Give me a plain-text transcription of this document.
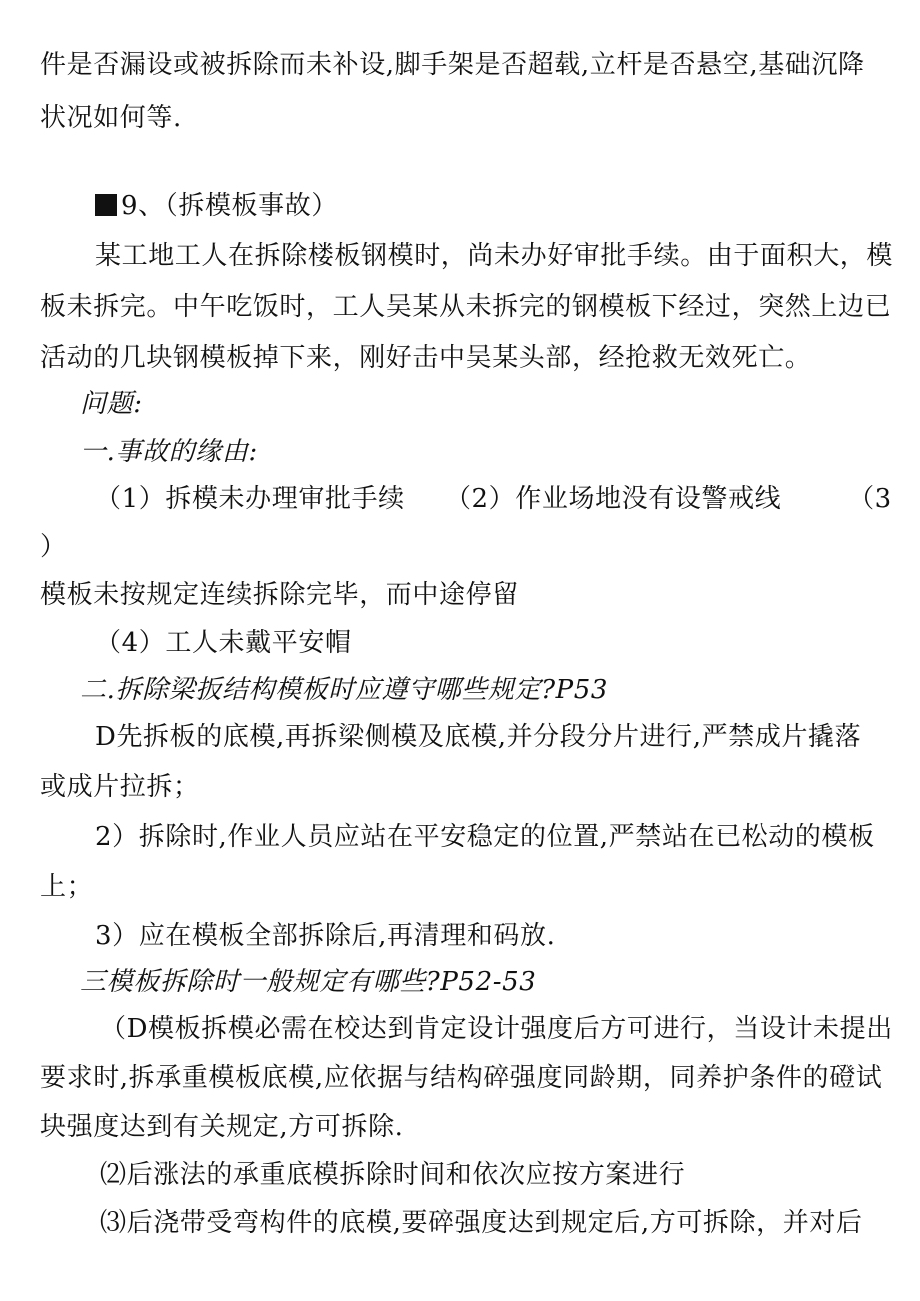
件是否漏设或被拆除而未补设,脚手架是否超载,立杆是否悬空,基础沉降
状况如何等.
9、（拆模板事故）
某工地工人在拆除楼板钢模时，尚未办好审批手续。由于面积大，模
板未拆完。中午吃饭时，工人吴某从未拆完的钢模板下经过，突然上边已
活动的几块钢模板掉下来，刚好击中吴某头部，经抢救无效死亡。
问题:
一.事故的缘由:
（1）拆模未办理审批手续　　（2）作业场地没有设警戒线　　　（3
）
模板未按规定连续拆除完毕，而中途停留
（4）工人未戴平安帽
二.拆除梁扳结构模板时应遵守哪些规定?P53
D先拆板的底模,再拆梁侧模及底模,并分段分片进行,严禁成片撬落
或成片拉拆；
2）拆除时,作业人员应站在平安稳定的位置,严禁站在已松动的模板
上；
3）应在模板全部拆除后,再清理和码放.
三模板拆除时一般规定有哪些?P52-53
（D模板拆模必需在校达到肯定设计强度后方可进行，当设计未提出
要求时,拆承重模板底模,应依据与结构碎强度同龄期，同养护条件的磴试
块强度达到有关规定,方可拆除.
⑵后涨法的承重底模拆除时间和依次应按方案进行
⑶后浇带受弯构件的底模,要碎强度达到规定后,方可拆除，并对后
